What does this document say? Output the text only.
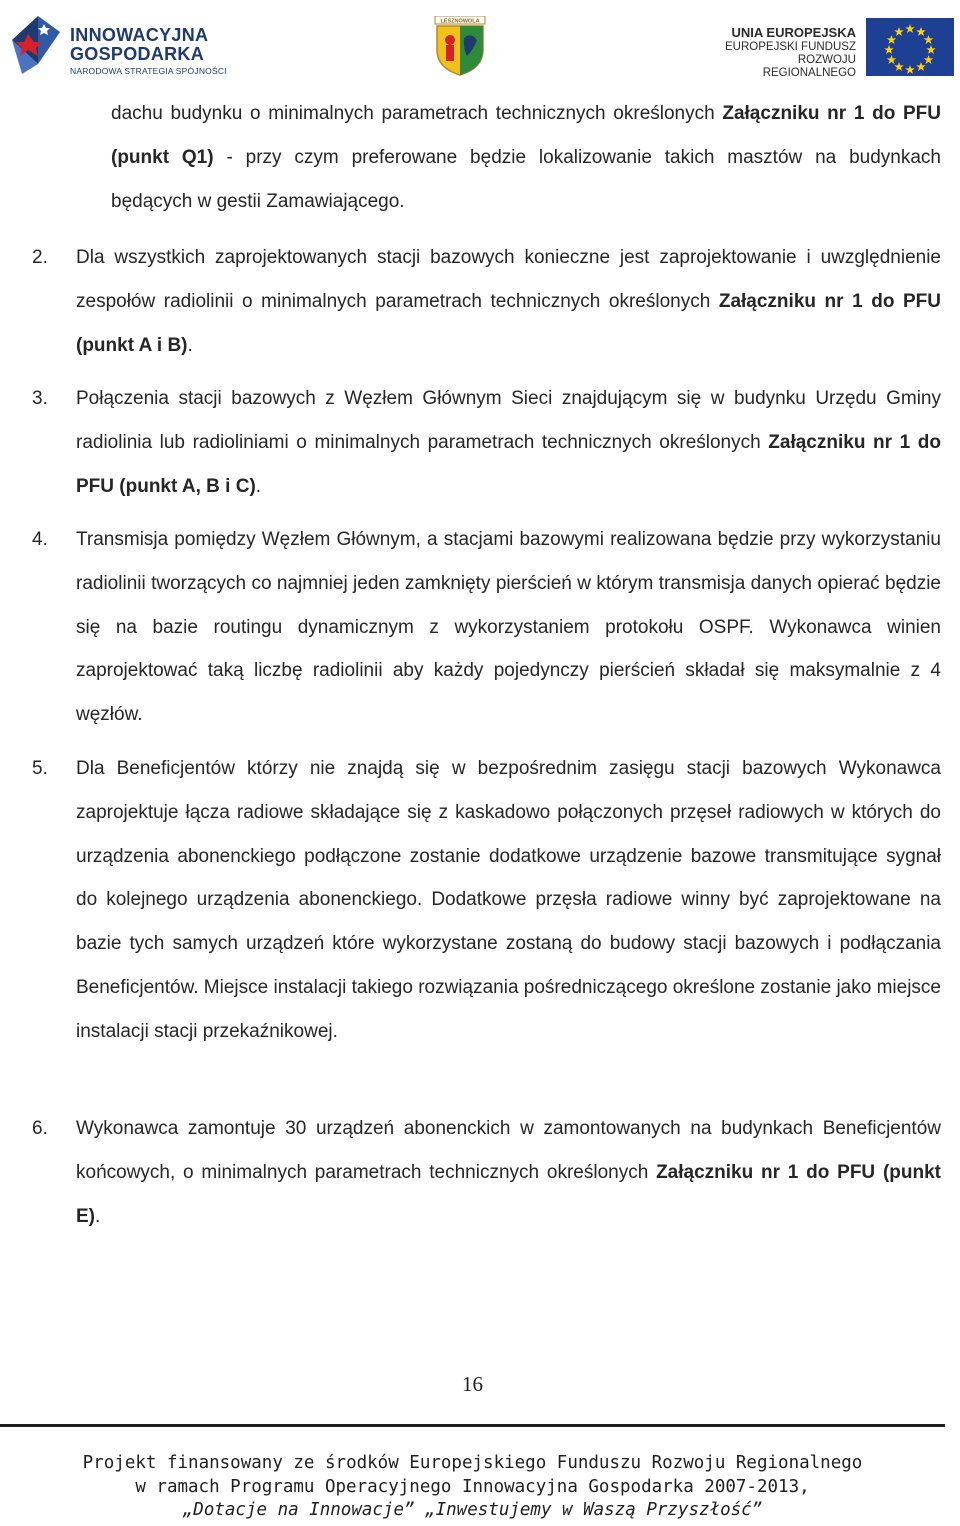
INNOWACYJNA
GOSPODARKA
NARODOWA STRATEGIA SPÓJNOŚCI
LESZNOWOLA
UNIA EUROPEJSKA
EUROPEJSKI FUNDUSZ
ROZWOJU REGIONALNEGO
dachu budynku o minimalnych parametrach technicznych określonych Załączniku nr 1 do PFU (punkt Q1) - przy czym preferowane będzie lokalizowanie takich masztów na budynkach będących w gestii Zamawiającego.
2.	Dla wszystkich zaprojektowanych stacji bazowych konieczne jest zaprojektowanie i uwzględnienie zespołów radiolinii o minimalnych parametrach technicznych określonych Załączniku nr 1 do PFU (punkt A i B).
3.	Połączenia stacji bazowych z Węzłem Głównym Sieci znajdującym się w budynku Urzędu Gminy radiolinia lub radioliniami o minimalnych parametrach technicznych określonych Załączniku nr 1 do PFU (punkt A, B i C).
4.	Transmisja pomiędzy Węzłem Głównym, a stacjami bazowymi realizowana będzie przy wykorzystaniu radiolinii tworzących co najmniej jeden zamknięty pierścień w którym transmisja danych opierać będzie się na bazie routingu dynamicznym z wykorzystaniem protokołu OSPF. Wykonawca winien zaprojektować taką liczbę radiolinii aby każdy pojedynczy pierścień składał się maksymalnie z 4 węzłów.
5.	Dla Beneficjentów którzy nie znajdą się w bezpośrednim zasięgu stacji bazowych Wykonawca zaprojektuje łącza radiowe składające się z kaskadowo połączonych przęseł radiowych w których do urządzenia abonenckiego podłączone zostanie dodatkowe urządzenie bazowe transmitujące sygnał do kolejnego urządzenia abonenckiego. Dodatkowe przęsła radiowe winny być zaprojektowane na bazie tych samych urządzeń które wykorzystane zostaną do budowy stacji bazowych i podłączania Beneficjentów. Miejsce instalacji takiego rozwiązania pośredniczącego określone zostanie jako miejsce instalacji stacji przekaźnikowej.
6.	Wykonawca zamontuje 30 urządzeń abonenckich w zamontowanych na budynkach Beneficjentów końcowych, o minimalnych parametrach technicznych określonych Załączniku nr 1 do PFU (punkt E).
16
Projekt finansowany ze środków Europejskiego Funduszu Rozwoju Regionalnego
w ramach Programu Operacyjnego Innowacyjna Gospodarka 2007-2013,
„Dotacje na Innowacje” „Inwestujemy w Waszą Przyszłość”
